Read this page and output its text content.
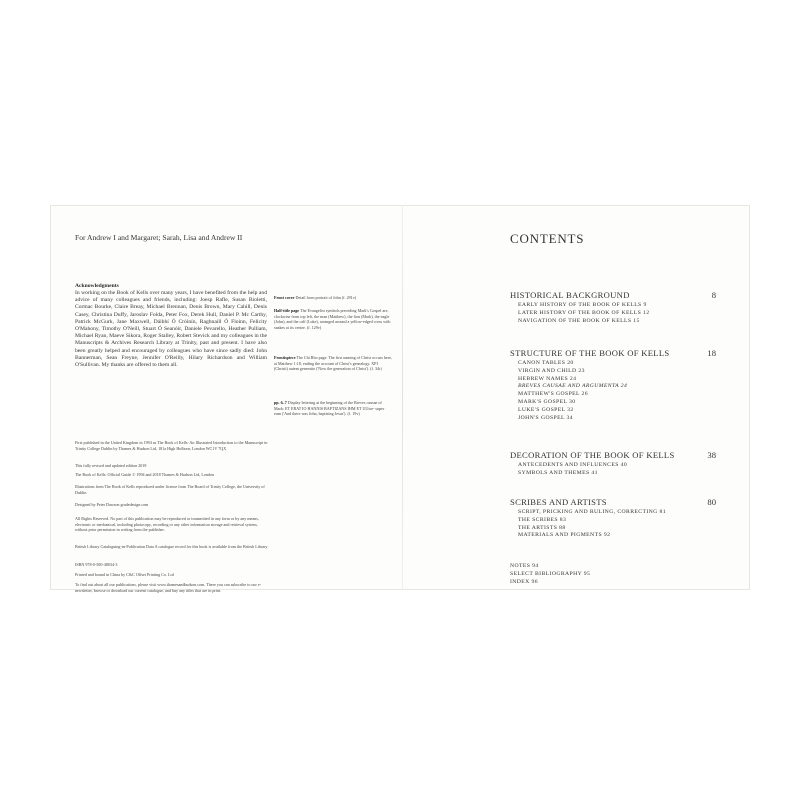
For Andrew I and Margaret; Sarah, Lisa and Andrew II
Acknowledgments
In working on the Book of Kells over many years, I have benefited from the help and advice of many colleagues and friends, including: Joesp Rafle, Susan Bioletti, Cormac Bourke, Claire Breay, Michael Brennan, Denis Brown, Mary Cahill, Denis Casey, Christina Duffy, Jaroslav Folda, Peter Fox, Derek Hull, Daniel P. Mc Carthy, Patrick McGurk, Jane Maxwell, Dáibhí Ó Cróinín, Raghnaill Ó Floinn, Felicity O'Mahony, Timothy O'Neill, Stuart Ó Seanóir, Daniele Pevarello, Heather Pulliam, Michael Ryan, Maeve Sikora, Roger Stalley, Robert Stevick and my colleagues in the Manuscripts & Archives Research Library at Trinity, past and present. I have also been greatly helped and encouraged by colleagues who have since sadly died: John Bannerman, Sean Freyne, Jennifer O'Reilly, Hilary Richardson and William O'Sullivan. My thanks are offered to them all.
Front cover Detail from portrait of John (f. 291v)
Half-title page The Evangelist symbols preceding Mark's Gospel are, clockwise from top left, the man (Matthew), the lion (Mark), the eagle (John), and the calf (Luke), arranged around a yellow-edged cross with snakes at its centre. (f. 129v)
Frontispiece The Chi Rho page. The first naming of Christ occurs here, at Matthew 1:18, ending the account of Christ's genealogy. XPI (Christi) autem generatio ('Now the generation of Christ'). (f. 34r)
pp. 6–7 Display lettering at the beginning of the Breves causae of Mark: ET ERAT IO HANNIS BAPTIZANS IHM ET UUise- super eum ('And there was John, baptising Jesus'). (f. 19v)
First published in the United Kingdom in 1994 as The Book of Kells: An Illustrated Introduction to the Manuscript in Trinity College Dublin by Thames & Hudson Ltd, 181a High Holborn, London WC1V 7QX
This fully revised and updated edition 2018
The Book of Kells: Official Guide © 1994 and 2018 Thames & Hudson Ltd, London
Illustrations from The Book of Kells reproduced under licence from The Board of Trinity College, the University of Dublin
Designed by Peter Dawson gradedesign.com
All Rights Reserved. No part of this publication may be reproduced or transmitted in any form or by any means, electronic or mechanical, including photocopy, recording or any other information storage and retrieval system, without prior permission in writing from the publisher.
British Library Cataloguing-in-Publication Data A catalogue record for this book is available from the British Library
ISBN 978-0-500-48034-3
Printed and bound in China by C&C Offset Printing Co. Ltd
To find out about all our publications, please visit www.thamesandhudson.com. There you can subscribe to our e-newsletter, browse or download our current catalogue, and buy any titles that are in print.
CONTENTS
HISTORICAL BACKGROUND	8
EARLY HISTORY OF THE BOOK OF KELLS 9
LATER HISTORY OF THE BOOK OF KELLS 12
NAVIGATION OF THE BOOK OF KELLS 15
STRUCTURE OF THE BOOK OF KELLS	18
CANON TABLES 20
VIRGIN AND CHILD 23
HEBREW NAMES 24
BREVES CAUSAE AND ARGUMENTA 24
MATTHEW'S GOSPEL 26
MARK'S GOSPEL 30
LUKE'S GOSPEL 32
JOHN'S GOSPEL 34
DECORATION OF THE BOOK OF KELLS	38
ANTECEDENTS AND INFLUENCES 40
SYMBOLS AND THEMES 41
SCRIBES AND ARTISTS	80
SCRIPT, PRICKING AND RULING, CORRECTING 81
THE SCRIBES 83
THE ARTISTS 88
MATERIALS AND PIGMENTS 92
NOTES 94
SELECT BIBLIOGRAPHY 95
INDEX 96
